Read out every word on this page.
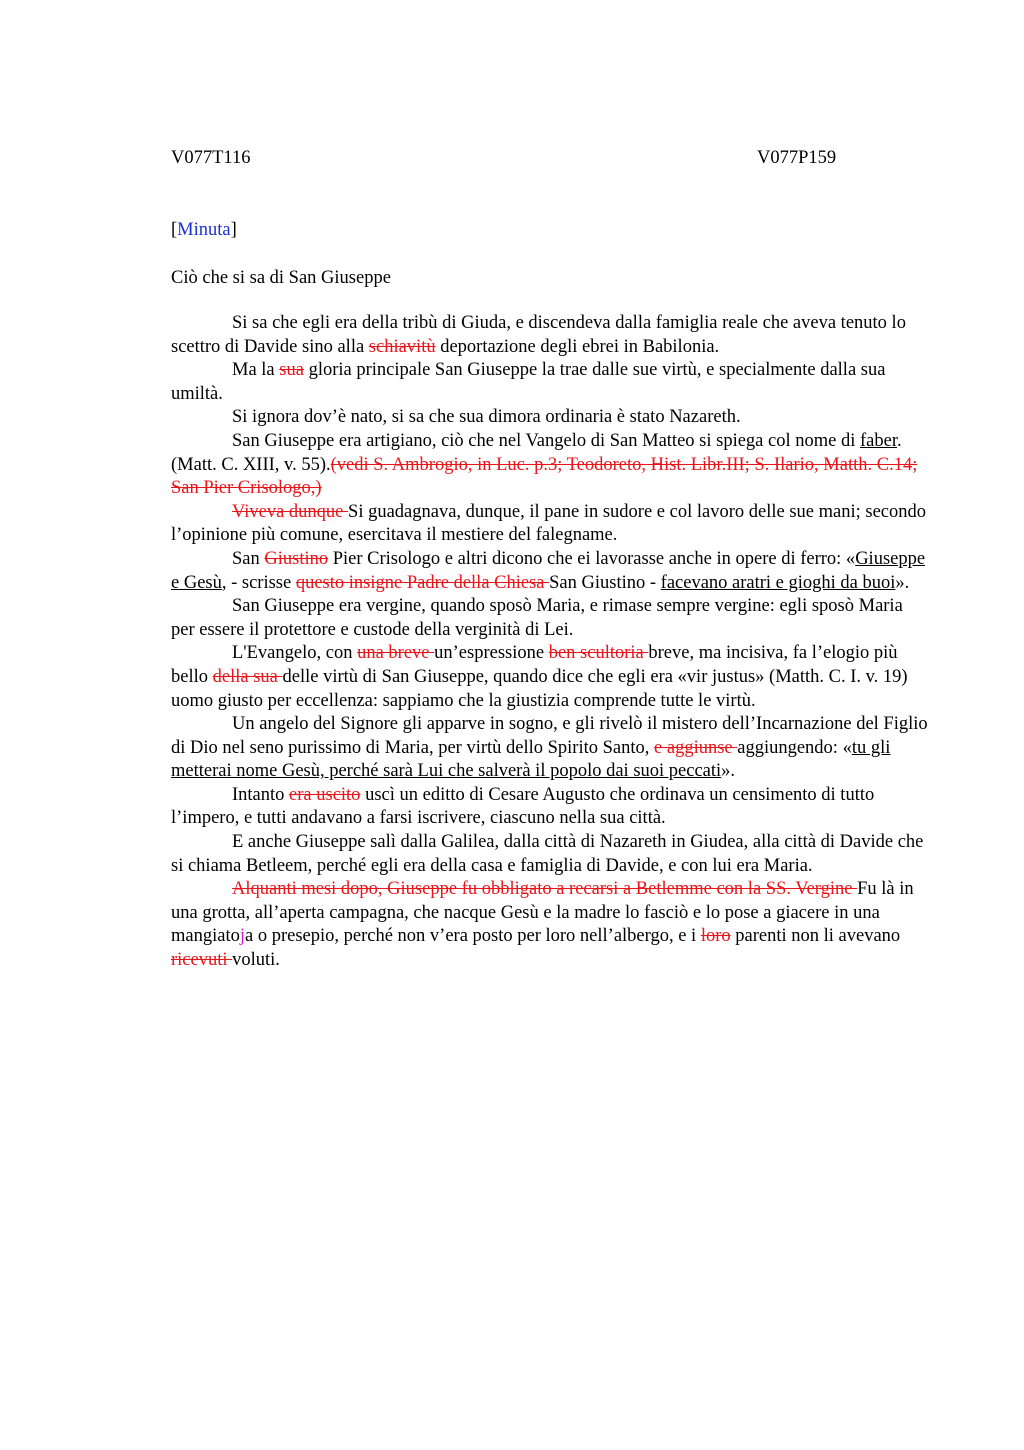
V077T116	V077P159
[Minuta]
Ciò che si sa di San Giuseppe

Si sa che egli era della tribù di Giuda, e discendeva dalla famiglia reale che aveva tenuto lo scettro di Davide sino alla schiavitù deportazione degli ebrei in Babilonia.

Ma la sua gloria principale San Giuseppe la trae dalle sue virtù, e specialmente dalla sua umiltà.

Si ignora dov’è nato, si sa che sua dimora ordinaria è stato Nazareth.

San Giuseppe era artigiano, ciò che nel Vangelo di San Matteo si spiega col nome di faber. (Matt. C. XIII, v. 55).(vedi S. Ambrogio, in Luc. p.3; Teodoreto, Hist. Libr.III; S. Ilario, Matth. C.14; San Pier Crisologo,)

Viveva dunque Si guadagnava, dunque, il pane in sudore e col lavoro delle sue mani; secondo l’opinione più comune, esercitava il mestiere del falegname.

San Giustino Pier Crisologo e altri dicono che ei lavorasse anche in opere di ferro: «Giuseppe e Gesù, - scrisse questo insigne Padre della Chiesa San Giustino - facevano aratri e gioghi da buoi».

San Giuseppe era vergine, quando sposò Maria, e rimase sempre vergine: egli sposò Maria per essere il protettore e custode della verginità di Lei.

L'Evangelo, con una breve un’espressione ben scultoria breve, ma incisiva, fa l’elogio più bello della sua delle virtù di San Giuseppe, quando dice che egli era «vir justus» (Matth. C. I. v. 19) uomo giusto per eccellenza: sappiamo che la giustizia comprende tutte le virtù.

Un angelo del Signore gli apparve in sogno, e gli rivelò il mistero dell’Incarnazione del Figlio di Dio nel seno purissimo di Maria, per virtù dello Spirito Santo, e aggiunse aggiungendo: «tu gli metterai nome Gesù, perché sarà Lui che salverà il popolo dai suoi peccati».

Intanto era uscito uscì un editto di Cesare Augusto che ordinava un censimento di tutto l’impero, e tutti andavano a farsi iscrivere, ciascuno nella sua città.

E anche Giuseppe salì dalla Galilea, dalla città di Nazareth in Giudea, alla città di Davide che si chiama Betleem, perché egli era della casa e famiglia di Davide, e con lui era Maria.

Alquanti mesi dopo, Giuseppe fu obbligato a recarsi a Betlemme con la SS. Vergine Fu là in una grotta, all’aperta campagna, che nacque Gesù e la madre lo fasciò e lo pose a giacere in una mangiatoja o presepio, perché non v’era posto per loro nell’albergo, e i loro parenti non li avevano ricevuti voluti.
